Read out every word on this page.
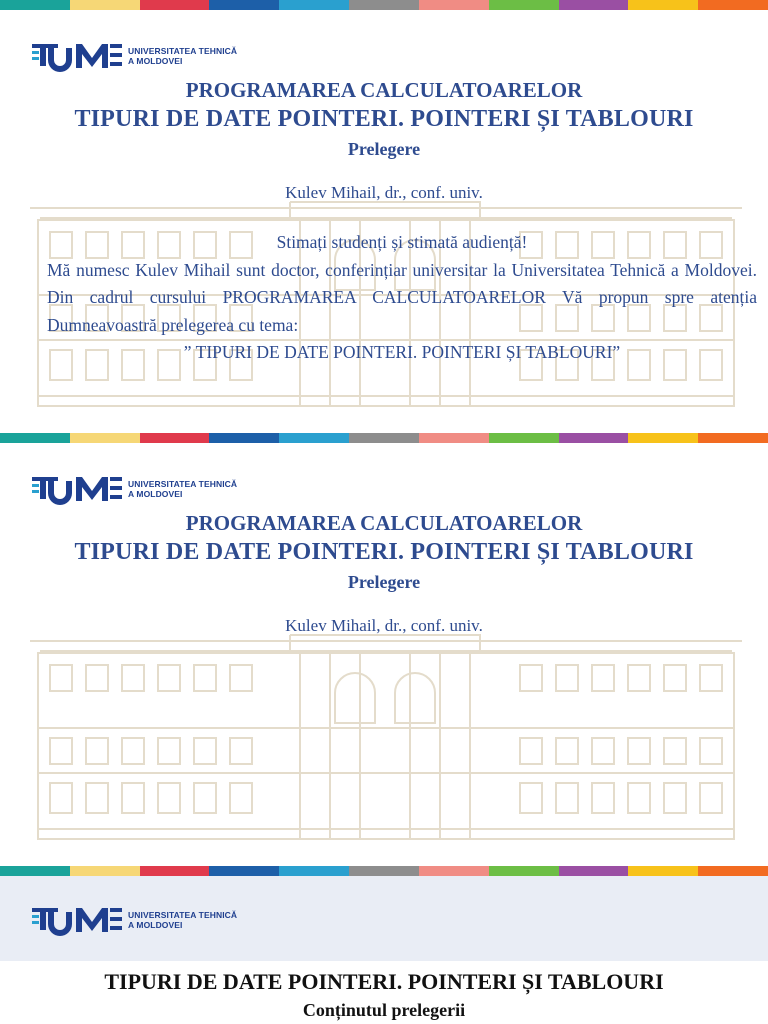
UNIVERSITATEA TEHNICĂ
A MOLDOVEI
PROGRAMAREA CALCULATOARELOR
TIPURI DE DATE POINTERI. POINTERI ȘI TABLOURI
Prelegere
Kulev Mihail, dr., conf. univ.
Stimați studenți și stimată audiență!
Mă numesc Kulev Mihail sunt doctor, conferințiar universitar la Universitatea Tehnică a Moldovei. Din cadrul cursului PROGRAMAREA CALCULATOARELOR Vă propun spre atenția Dumneavoastră prelegerea cu tema:
” TIPURI DE DATE POINTERI. POINTERI ȘI TABLOURI”
UNIVERSITATEA TEHNICĂ
A MOLDOVEI
PROGRAMAREA CALCULATOARELOR
TIPURI DE DATE POINTERI. POINTERI ȘI TABLOURI
Prelegere
Kulev Mihail, dr., conf. univ.
UNIVERSITATEA TEHNICĂ
A MOLDOVEI
TIPURI DE DATE POINTERI. POINTERI ȘI TABLOURI
Conținutul prelegerii
